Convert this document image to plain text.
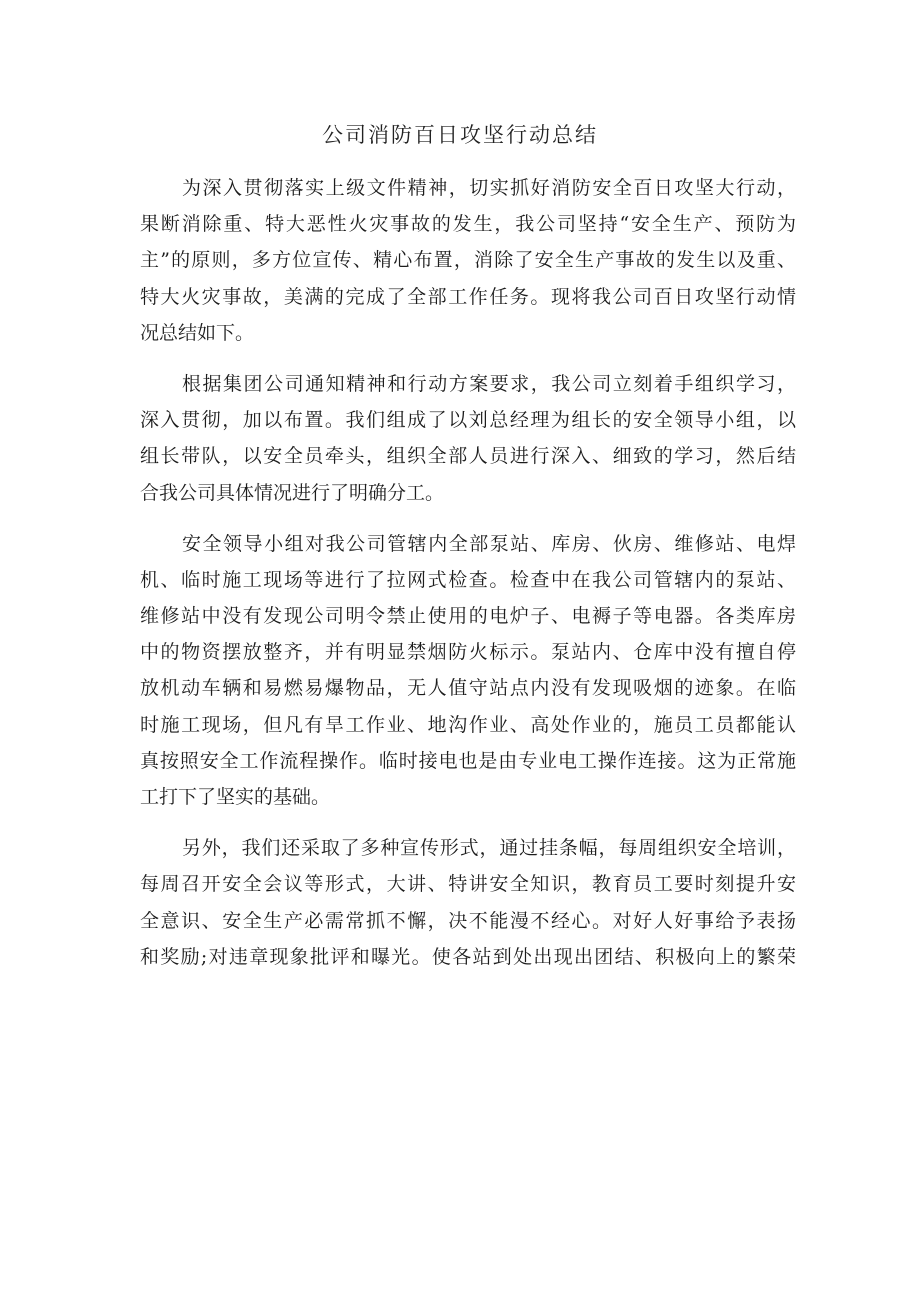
公司消防百日攻坚行动总结
为深入贯彻落实上级文件精神，切实抓好消防安全百日攻坚大行动，
果断消除重、特大恶性火灾事故的发生，我公司坚持“安全生产、预防为
主”的原则，多方位宣传、精心布置，消除了安全生产事故的发生以及重、
特大火灾事故，美满的完成了全部工作任务。现将我公司百日攻坚行动情
况总结如下。
根据集团公司通知精神和行动方案要求，我公司立刻着手组织学习，
深入贯彻，加以布置。我们组成了以刘总经理为组长的安全领导小组，以
组长带队，以安全员牵头，组织全部人员进行深入、细致的学习，然后结
合我公司具体情况进行了明确分工。
安全领导小组对我公司管辖内全部泵站、库房、伙房、维修站、电焊
机、临时施工现场等进行了拉网式检查。检查中在我公司管辖内的泵站、
维修站中没有发现公司明令禁止使用的电炉子、电褥子等电器。各类库房
中的物资摆放整齐，并有明显禁烟防火标示。泵站内、仓库中没有擅自停
放机动车辆和易燃易爆物品，无人值守站点内没有发现吸烟的迹象。在临
时施工现场，但凡有旱工作业、地沟作业、高处作业的，施员工员都能认
真按照安全工作流程操作。临时接电也是由专业电工操作连接。这为正常施
工打下了坚实的基础。
另外，我们还采取了多种宣传形式，通过挂条幅，每周组织安全培训，
每周召开安全会议等形式，大讲、特讲安全知识，教育员工要时刻提升安
全意识、安全生产必需常抓不懈，决不能漫不经心。对好人好事给予表扬
和奖励;对违章现象批评和曝光。使各站到处出现出团结、积极向上的繁荣
